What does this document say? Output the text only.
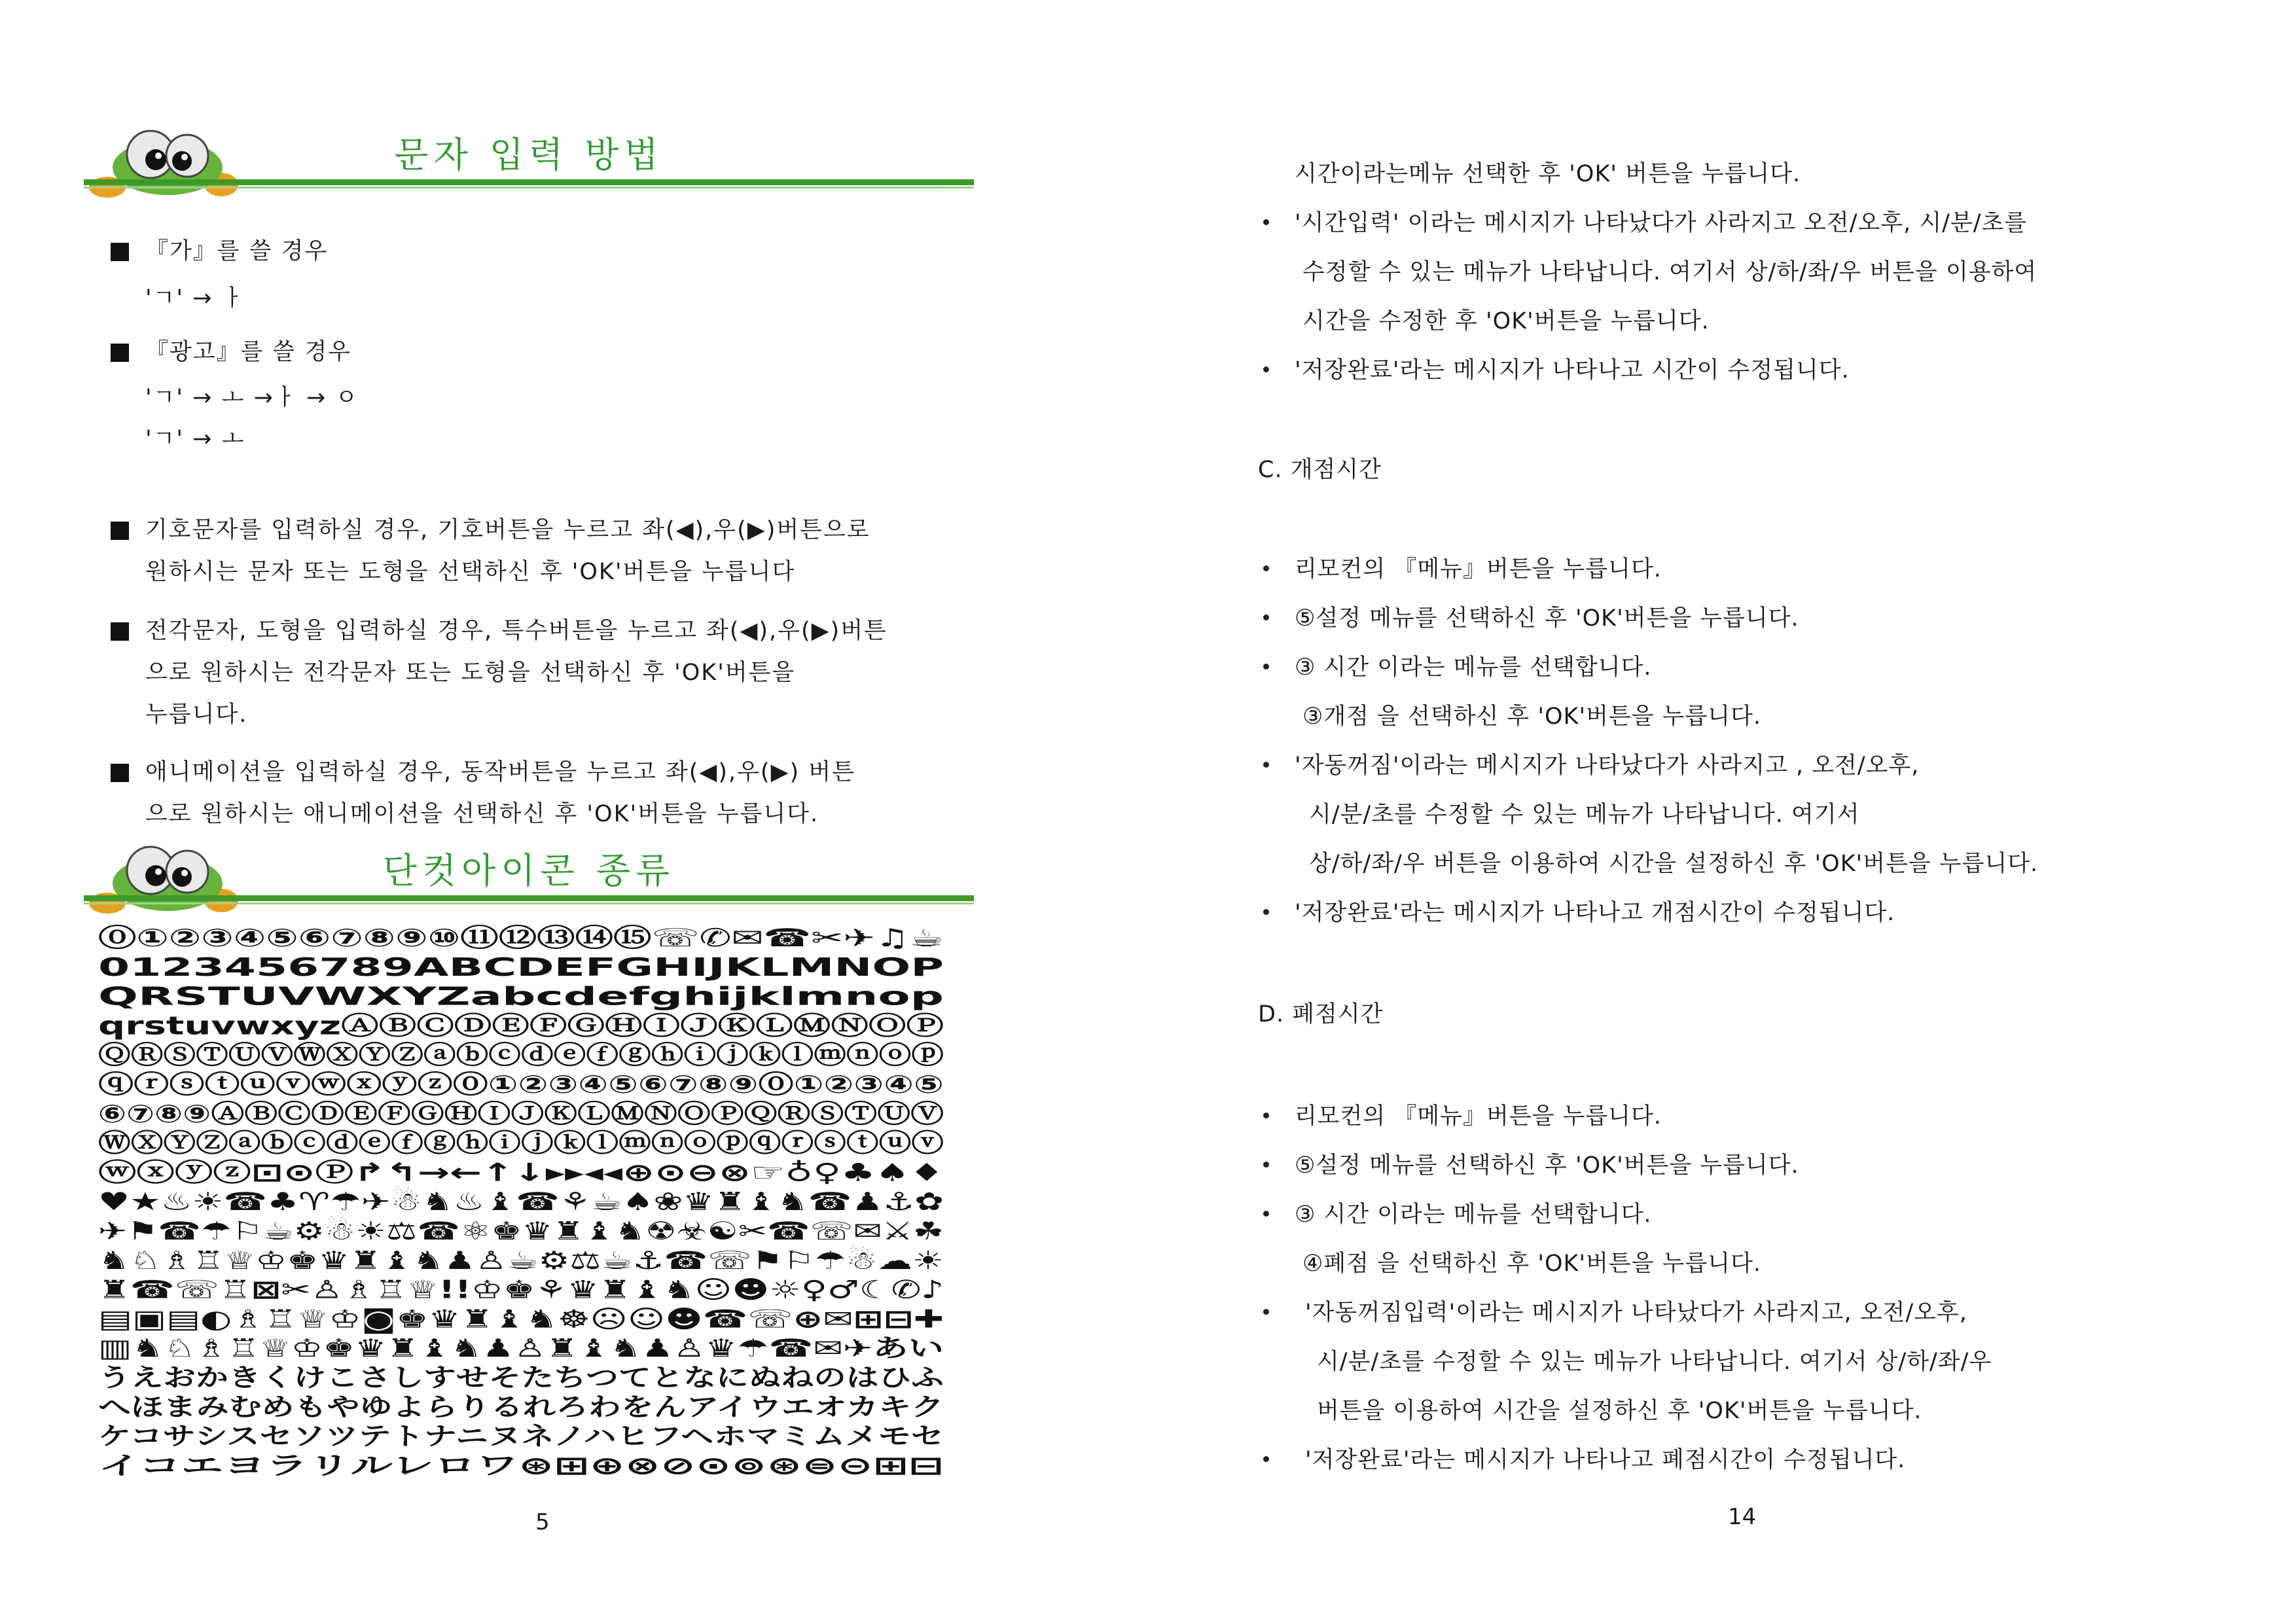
문자 입력 방법
『가』를 쓸 경우
'ㄱ' → ㅏ
『광고』를 쓸 경우
'ㄱ' → ㅗ →ㅏ → ㅇ
'ㄱ' → ㅗ
기호문자를 입력하실 경우, 기호버튼을 누르고 좌(◀),우(▶)버튼으로
원하시는 문자 또는 도형을 선택하신 후 'OK'버튼을 누릅니다
전각문자, 도형을 입력하실 경우, 특수버튼을 누르고 좌(◀),우(▶)버튼
으로 원하시는 전각문자 또는 도형을 선택하신 후 'OK'버튼을
누릅니다.
애니메이션을 입력하실 경우, 동작버튼을 누르고 좌(◀),우(▶) 버튼
으로 원하시는 애니메이션을 선택하신 후 'OK'버튼을 누릅니다.
단컷아이콘 종류
⓪①②③④⑤⑥⑦⑧⑨⑩⑪⑫⑬⑭⑮☏✆✉☎✂✈♫☕
0123456789ABCDEFGHIJKLMNOP
QRSTUVWXYZabcdefghijklmnop
qrstuvwxyzⒶⒷⒸⒹⒺⒻⒼⒽⒾⒿⓀⓁⓂⓃⓄⓅ
ⓆⓇⓈⓉⓊⓋⓌⓍⓎⓏⓐⓑⓒⓓⓔⓕⓖⓗⓘⓙⓚⓛⓜⓝⓞⓟ
ⓠⓡⓢⓣⓤⓥⓦⓧⓨⓩ⓪①②③④⑤⑥⑦⑧⑨⓪①②③④⑤
⑥⑦⑧⑨ⒶⒷⒸⒹⒺⒻⒼⒽⒾⒿⓀⓁⓂⓃⓄⓅⓆⓇⓈⓉⓊⓋ
ⓌⓍⓎⓏⓐⓑⓒⓓⓔⓕⓖⓗⓘⓙⓚⓛⓜⓝⓞⓟⓠⓡⓢⓣⓤⓥ
ⓦⓧⓨⓩ⊡⊙Ⓟ↱↰→←↑↓▸▸◂◂⊕⊙⊖⊗☞♁♀♣♠♦
♥★♨☀☎♣♈☂✈☃♞♨♝☎⚘☕♠❀♛♜♝♞☎♟⚓✿
✈⚑☎☂⚐☕⚙☃☀⚖☎⚛♚♛♜♝♞☢☣☯✂☎☏✉⚔☘
♞♘♗♖♕♔♚♛♜♝♞♟♙☕⚙⚖☕⚓☎☏⚑⚐☂☃☁☀
♜☎☏♖⊠✂♙♗♖♕!!♔♚⚘♛♜♝♞☺☻☼♀♂☾✆♪
▤▣▤◐♗♖♕♔◙♚♛♜♝♞☸☹☺☻☎☏⊕✉⊞⊟✚
▥♞♘♗♖♕♔♚♛♜♝♞♟♙♜♝♞♟♙♛☂☎✉✈あい
うえおかきくけこさしすせそたちつてとなにぬねのはひふ
へほまみむめもやゆよらりるれろわをんアイウエオカキク
ケコサシスセソツテトナニヌネノハヒフヘホマミムメモセ
イコエヨラリルレロワ⊛⊞⊕⊗⊘⊙⊚⊛⊜⊝⊞⊟
5
시간이라는메뉴 선택한 후 'OK' 버튼을 누릅니다.
'시간입력' 이라는 메시지가 나타났다가 사라지고 오전/오후, 시/분/초를
수정할 수 있는 메뉴가 나타납니다. 여기서 상/하/좌/우 버튼을 이용하여
시간을 수정한 후 'OK'버튼을 누릅니다.
'저장완료'라는 메시지가 나타나고 시간이 수정됩니다.
C. 개점시간
리모컨의 『메뉴』버튼을 누릅니다.
⑤설정 메뉴를 선택하신 후 'OK'버튼을 누릅니다.
③ 시간 이라는 메뉴를 선택합니다.
③개점 을 선택하신 후 'OK'버튼을 누릅니다.
'자동꺼짐'이라는 메시지가 나타났다가 사라지고 , 오전/오후,
시/분/초를 수정할 수 있는 메뉴가 나타납니다. 여기서
상/하/좌/우 버튼을 이용하여 시간을 설정하신 후 'OK'버튼을 누릅니다.
'저장완료'라는 메시지가 나타나고 개점시간이 수정됩니다.
D. 폐점시간
리모컨의 『메뉴』버튼을 누릅니다.
⑤설정 메뉴를 선택하신 후 'OK'버튼을 누릅니다.
③ 시간 이라는 메뉴를 선택합니다.
④폐점 을 선택하신 후 'OK'버튼을 누릅니다.
'자동꺼짐입력'이라는 메시지가 나타났다가 사라지고, 오전/오후,
시/분/초를 수정할 수 있는 메뉴가 나타납니다. 여기서 상/하/좌/우
버튼을 이용하여 시간을 설정하신 후 'OK'버튼을 누릅니다.
'저장완료'라는 메시지가 나타나고 폐점시간이 수정됩니다.
14
